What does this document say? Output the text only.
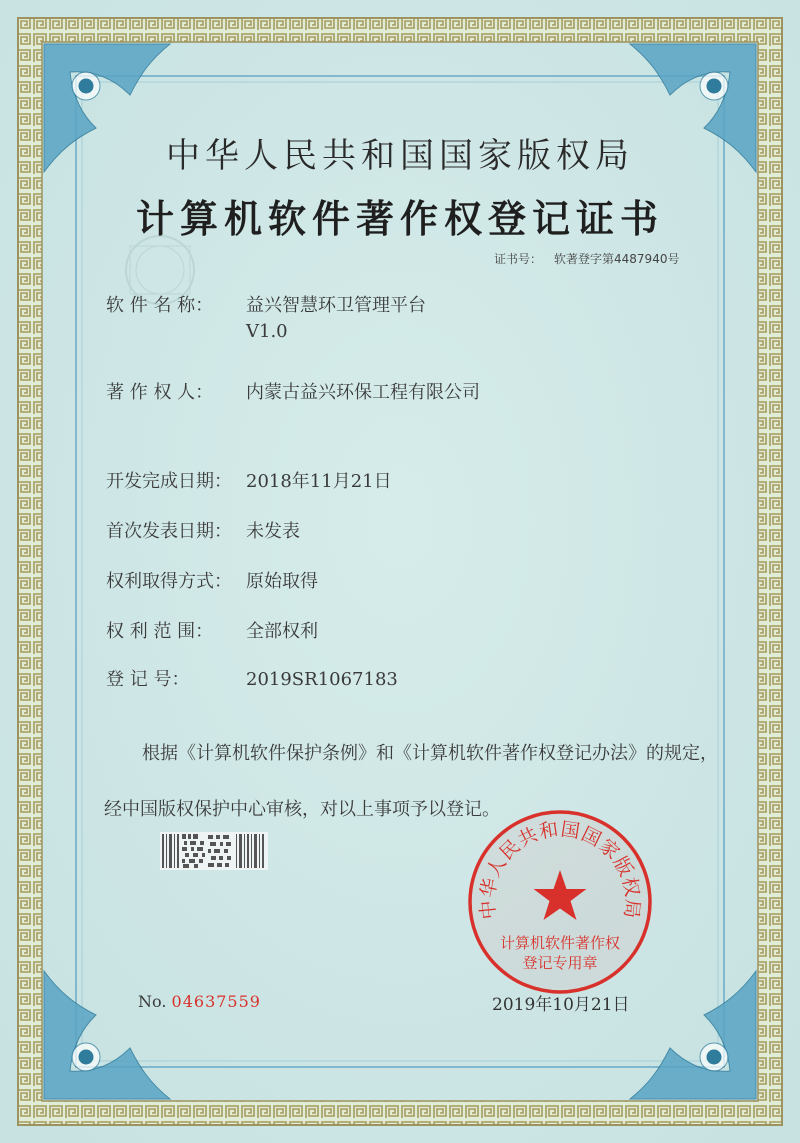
中华人民共和国国家版权局
计算机软件著作权登记证书
证书号： 软著登字第4487940号
软 件 名 称： 益兴智慧环卫管理平台
V1.0
著 作 权 人： 内蒙古益兴环保工程有限公司
开发完成日期： 2018年11月21日
首次发表日期： 未发表
权利取得方式： 原始取得
权 利 范 围： 全部权利
登 记 号：	2019SR1067183
根据《计算机软件保护条例》和《计算机软件著作权登记办法》的规定，经中国版权保护中心审核，对以上事项予以登记。
No. 04637559	2019年10月21日
中华人民共和国国家版权局
计算机软件著作权
登记专用章
